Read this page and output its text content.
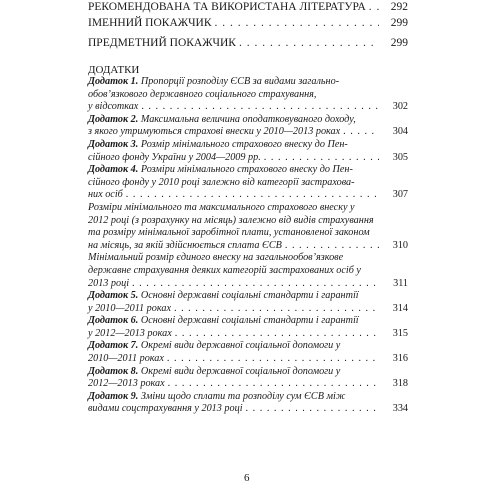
РЕКОМЕНДОВАНА ТА ВИКОРИСТАНА ЛІТЕРАТУРА . . .	292
ІМЕННИЙ ПОКАЖЧИК . . .	299
ПРЕДМЕТНИЙ ПОКАЖЧИК . . .	299
ДОДАТКИ
Додаток 1. Пропорції розподілу ЄСВ за видами загально-
обов’язкового державного соціального страхування,
у відсотках . . .	302
Додаток 2. Максимальна величина оподатковуваного доходу,
з якого утримуються страхові внески у 2010—2013 роках . . .	304
Додаток 3. Розмір мінімального страхового внеску до Пен-
сійного фонду України у 2004—2009 рр. . . .	305
Додаток 4. Розміри мінімального страхового внеску до Пен-
сійного фонду у 2010 році залежно від категорії застрахова-
них осіб . . .	307
Розміри мінімального та максимального страхового внеску у
2012 році (з розрахунку на місяць) залежно від видів страхування
та розміру мінімальної заробітної плати, установленої законом
на місяць, за якій здійснюється сплата ЄСВ . . .	310
Мінімальний розмір єдиного внеску на загальнообов’язкове
державне страхування деяких категорій застрахованих осіб у
2013 році . . .	311
Додаток 5. Основні державні соціальні стандарти і гарантії
у 2010—2011 роках . . .	314
Додаток 6. Основні державні соціальні стандарти і гарантії
у 2012—2013 роках . . .	315
Додаток 7. Окремі види державної соціальної допомоги у
2010—2011 роках . . .	316
Додаток 8. Окремі види державної соціальної допомоги у
2012—2013 роках . . .	318
Додаток 9. Зміни щодо сплати та розподілу сум ЄСВ між
видами соцстрахування у 2013 році . . .	334
6
